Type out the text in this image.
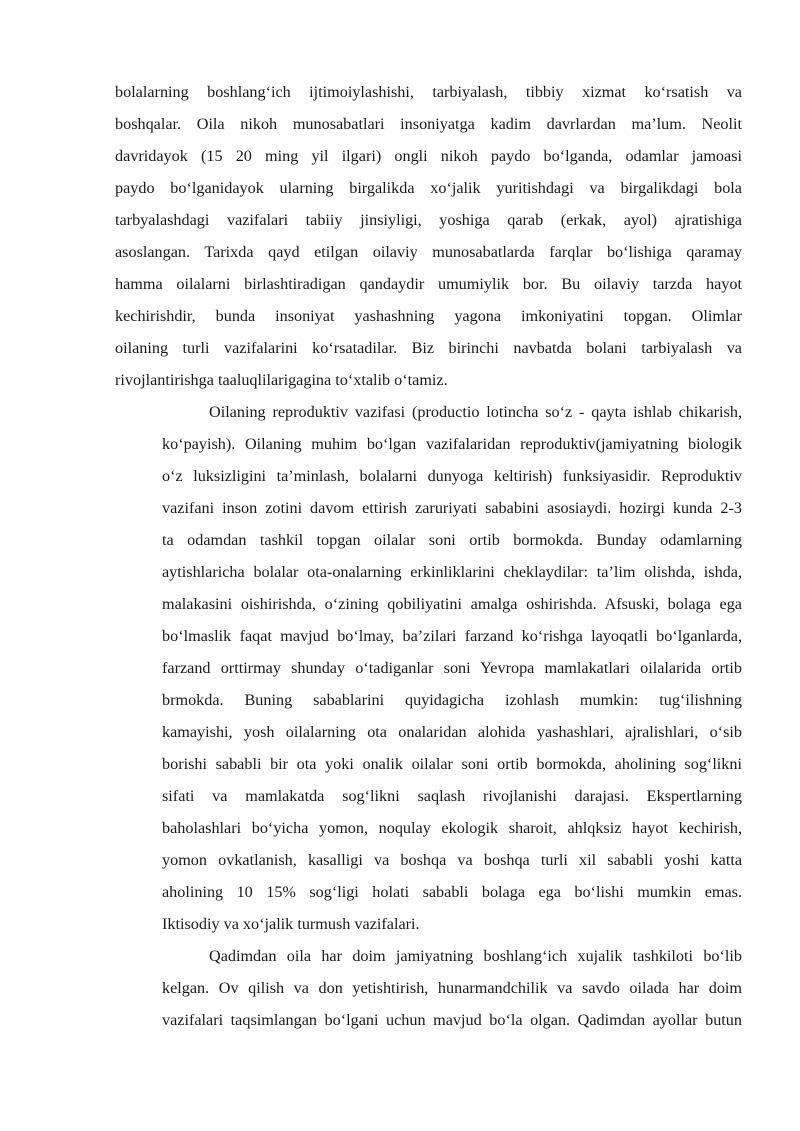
bolalarning boshlang‘ich ijtimoiylashishi, tarbiyalash, tibbiy xizmat ko‘rsatish va
boshqalar. Oila nikoh munosabatlari insoniyatga kadim davrlardan ma’lum. Neolit
davridayok (15 20 ming yil ilgari) ongli nikoh paydo bo‘lganda, odamlar jamoasi
paydo bo‘lganidayok ularning birgalikda xo‘jalik yuritishdagi va birgalikdagi bola
tarbyalashdagi vazifalari tabiiy jinsiyligi, yoshiga qarab (erkak, ayol) ajratishiga
asoslangan. Tarixda qayd etilgan oilaviy munosabatlarda farqlar bo‘lishiga qaramay
hamma oilalarni birlashtiradigan qandaydir umumiylik bor. Bu oilaviy tarzda hayot
kechirishdir, bunda insoniyat yashashning yagona imkoniyatini topgan. Olimlar
oilaning turli vazifalarini ko‘rsatadilar. Biz birinchi navbatda bolani tarbiyalash va
rivojlantirishga taaluqlilarigagina to‘xtalib o‘tamiz.
Oilaning reproduktiv vazifasi (productio lotincha so‘z - qayta ishlab chikarish,
ko‘payish). Oilaning muhim bo‘lgan vazifalaridan reproduktiv(jamiyatning biologik
o‘z luksizligini ta’minlash, bolalarni dunyoga keltirish) funksiyasidir. Reproduktiv
vazifani inson zotini davom ettirish zaruriyati sababini asosiaydi. hozirgi kunda 2-3
ta odamdan tashkil topgan oilalar soni ortib bormokda. Bunday odamlarning
aytishlaricha bolalar ota-onalarning erkinliklarini cheklaydilar: ta’lim olishda, ishda,
malakasini oishirishda, o‘zining qobiliyatini amalga oshirishda. Afsuski, bolaga ega
bo‘lmaslik faqat mavjud bo‘lmay, ba’zilari farzand ko‘rishga layoqatli bo‘lganlarda,
farzand orttirmay shunday o‘tadiganlar soni Yevropa mamlakatlari oilalarida ortib
brmokda. Buning sabablarini quyidagicha izohlash mumkin: tug‘ilishning
kamayishi, yosh oilalarning ota onalaridan alohida yashashlari, ajralishlari, o‘sib
borishi sababli bir ota yoki onalik oilalar soni ortib bormokda, aholining sog‘likni
sifati va mamlakatda sog‘likni saqlash rivojlanishi darajasi. Ekspertlarning
baholashlari bo‘yicha yomon, noqulay ekologik sharoit, ahlqksiz hayot kechirish,
yomon ovkatlanish, kasalligi va boshqa va boshqa turli xil sababli yoshi katta
aholining 10 15% sog‘ligi holati sababli bolaga ega bo‘lishi mumkin emas.
Iktisodiy va xo‘jalik turmush vazifalari.
Qadimdan oila har doim jamiyatning boshlang‘ich xujalik tashkiloti bo‘lib
kelgan. Ov qilish va don yetishtirish, hunarmandchilik va savdo oilada har doim
vazifalari taqsimlangan bo‘lgani uchun mavjud bo‘la olgan. Qadimdan ayollar butun
